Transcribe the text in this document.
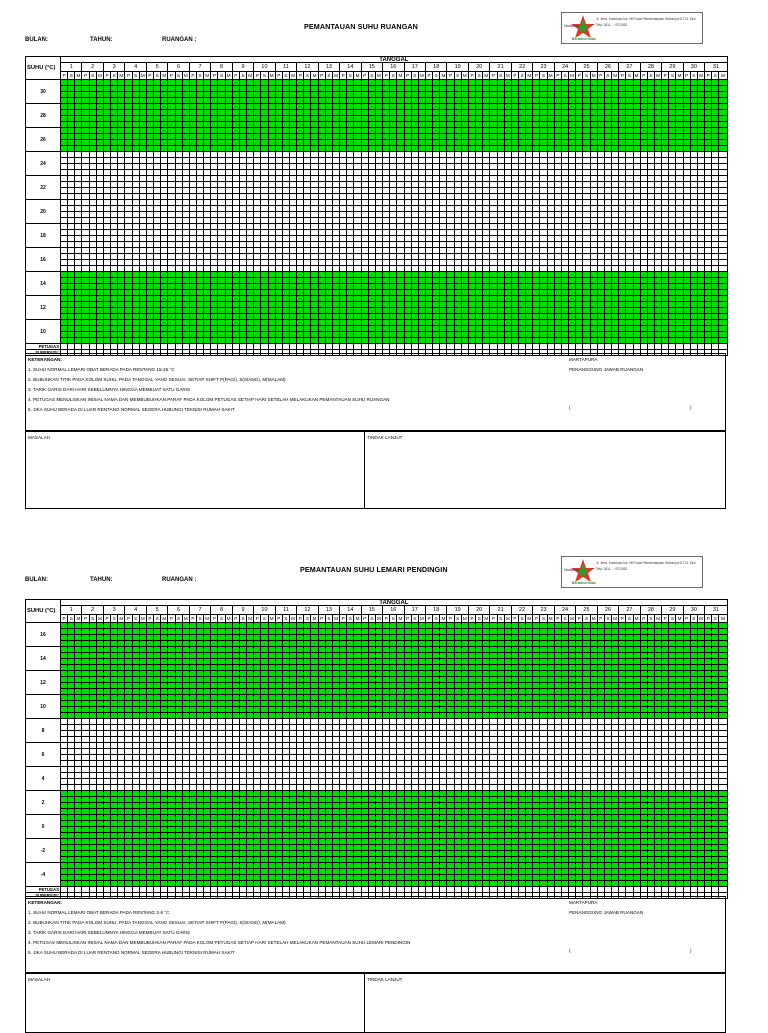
PEMANTAUAN SUHU RUANGAN
BULAN:	TAHUN:	RUANGAN :
Jl. Jend. Sudirman No. 08 Pusat Pemberdayaan Sekumpul
Martapura	Telp. 0511 ... 4721920
KT.21. Kec.
Bersama Nusa
SUHU (°C)	TANGGAL
1	2	3	4	5	6	7	8	9	10	11	12	13	14	15	16	17	18	19	20	21	22	23	24	25	26	27	28	29	30	31
P	S	M	P	S	M	P	S	M	P	S	M	P	S	M	P	S	M	P	S	M	P	S	M	P	S	M	P	S	M	P	S	M	P	S	M	P	S	M	P	S	M	P	S	M	P	S	M	P	S	M	P	S	M	P	S	M	P	S	M	P	S	M	P	S	M	P	S	M	P	S	M	P	S	M	P	S	M	P	S	M	P	S	M	P	S	M	P	S	M	P	S	M
30																																																																																													

28																																																																																													

26																																																																																													

24																																																																																													

22																																																																																													

20																																																																																													

18																																																																																													

16																																																																																													

14																																																																																													

12																																																																																													

10																																																																																													

PETUGAS																																																																																													
SUPERVISI:																																																																																													
KETERANGAN:
1. SUHU NORMAL LEMARI OBAT BERADA PADA RENTANG 15-25 °C
2. BUBUHKAN TITIK PADA KOLOM SUHU, PADA TANGGAL YANG SESUAI, SETIAP SHIFT P(PAGI), S(SIANG), M(MALAM)
3. TARIK GARIS DARI HARI SEBELUMNYA HINGGA MEMBUAT SATU GARIS
4. PETUGAS MENULISKAN INISIAL NAMA DAN MEMBUBUHKAN PARAF PADA KOLOM PETUGAS SETIAP HARI SETELAH MELAKUKAN PEMANTAUAN SUHU RUANGAN
5. JIKA SUHU BERADA DI LUAR RENTANG NORMAL SEGERA HUBUNGI TEKNISI RUMAH SAKIT
MARTAPURA
PENANGGUNG JAWAB RUANGAN
(	)
MASALAH	TINDAK LANJUT
PEMANTAUAN SUHU LEMARI PENDINGIN
BULAN:	TAHUN:	RUANGAN :
Jl. Jend. Sudirman No. 08 Pusat Pemberdayaan Sekumpul
Martapura	Telp. 0511 ... 4721920
KT.21. Kec.
Bersama Nusa
SUHU (°C)	TANGGAL
1	2	3	4	5	6	7	8	9	10	11	12	13	14	15	16	17	18	19	20	21	22	23	24	25	26	27	28	29	30	31
P	S	M	P	S	M	P	S	M	P	S	M	P	S	M	P	S	M	P	S	M	P	S	M	P	S	M	P	S	M	P	S	M	P	S	M	P	S	M	P	S	M	P	S	M	P	S	M	P	S	M	P	S	M	P	S	M	P	S	M	P	S	M	P	S	M	P	S	M	P	S	M	P	S	M	P	S	M	P	S	M	P	S	M	P	S	M	P	S	M	P	S	M
16																																																																																													

14																																																																																													

12																																																																																													

10																																																																																													

8																																																																																													

6																																																																																													

4																																																																																													

2																																																																																													

0																																																																																													

-2																																																																																													

-4																																																																																													

PETUGAS																																																																																													
SUPERVISI:																																																																																													
KETERANGAN:
1. SUHU NORMAL LEMARI OBAT BERADA PADA RENTANG 2-8 °C
2. BUBUHKAN TITIK PADA KOLOM SUHU, PADA TANGGAL YANG SESUAI, SETIAP SHIFT P(PAGI), S(SIANG), M(MALAM)
3. TARIK GARIS DARI HARI SEBELUMNYA HINGGA MEMBUAT SATU GARIS
4. PETUGAS MENULISKAN INISIAL NAMA DAN MEMBUBUHKAN PARAF PADA KOLOM PETUGAS SETIAP HARI SETELAH MELAKUKAN PEMANTAUAN SUHU LEMARI PENDINGIN
5. JIKA SUHU BERADA DI LUAR RENTANG NORMAL SEGERA HUBUNGI TEKNISI RUMAH SAKIT
MARTAPURA
PENANGGUNG JAWAB RUANGAN
(	)
MASALAH	TINDAK LANJUT
